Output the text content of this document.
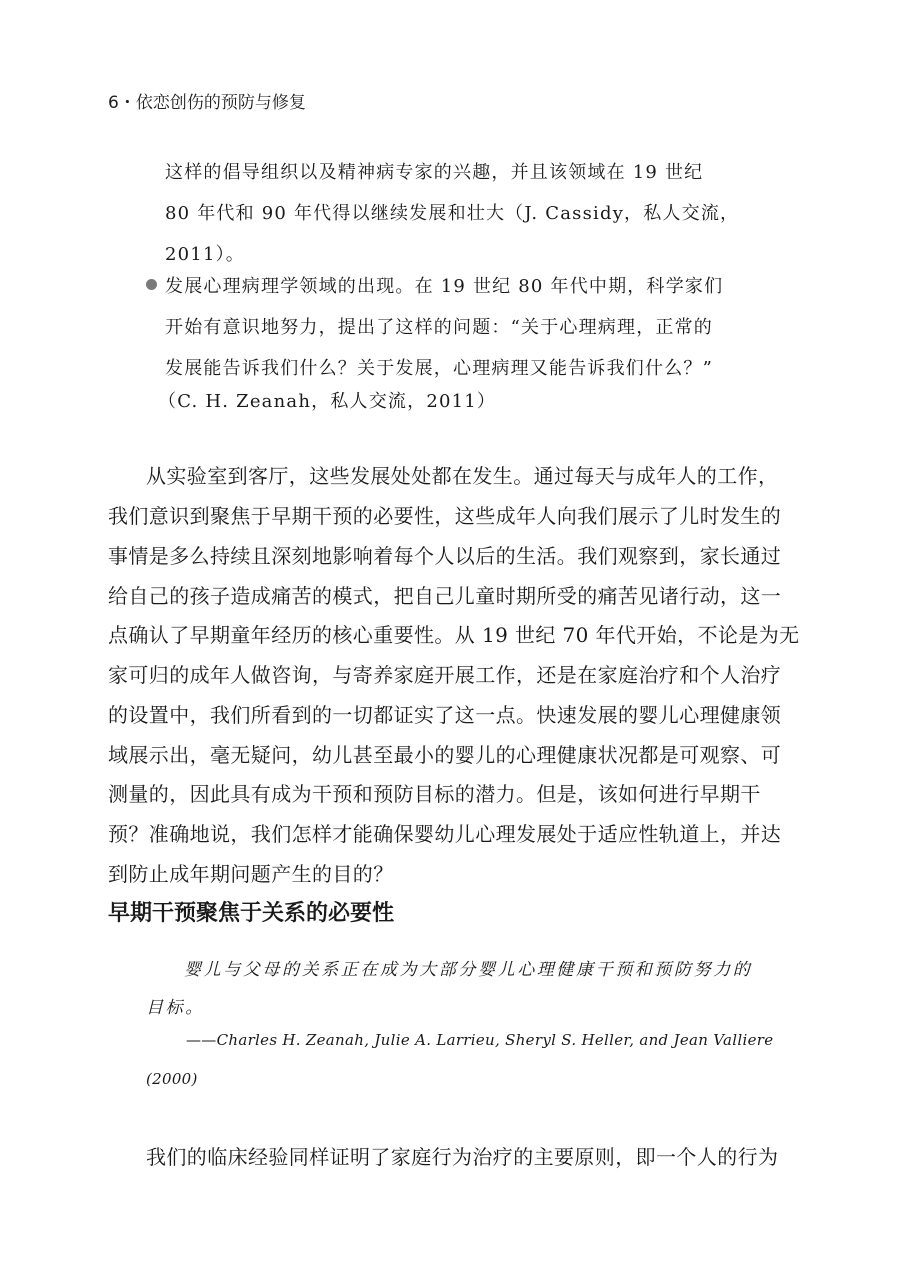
6・依恋创伤的预防与修复
这样的倡导组织以及精神病专家的兴趣，并且该领域在 19 世纪
80 年代和 90 年代得以继续发展和壮大（J. Cassidy，私人交流，
2011）。
发展心理病理学领域的出现。在 19 世纪 80 年代中期，科学家们
开始有意识地努力，提出了这样的问题：“关于心理病理，正常的
发展能告诉我们什么？关于发展，心理病理又能告诉我们什么？”
（C. H. Zeanah，私人交流，2011）
从实验室到客厅，这些发展处处都在发生。通过每天与成年人的工作，
我们意识到聚焦于早期干预的必要性，这些成年人向我们展示了儿时发生的
事情是多么持续且深刻地影响着每个人以后的生活。我们观察到，家长通过
给自己的孩子造成痛苦的模式，把自己儿童时期所受的痛苦见诸行动，这一
点确认了早期童年经历的核心重要性。从 19 世纪 70 年代开始，不论是为无
家可归的成年人做咨询，与寄养家庭开展工作，还是在家庭治疗和个人治疗
的设置中，我们所看到的一切都证实了这一点。快速发展的婴儿心理健康领
域展示出，毫无疑问，幼儿甚至最小的婴儿的心理健康状况都是可观察、可
测量的，因此具有成为干预和预防目标的潜力。但是，该如何进行早期干
预？准确地说，我们怎样才能确保婴幼儿心理发展处于适应性轨道上，并达
到防止成年期问题产生的目的？
早期干预聚焦于关系的必要性
婴儿与父母的关系正在成为大部分婴儿心理健康干预和预防努力的
目标。
——Charles H. Zeanah, Julie A. Larrieu, Sheryl S. Heller, and Jean Valliere
(2000)
我们的临床经验同样证明了家庭行为治疗的主要原则，即一个人的行为
